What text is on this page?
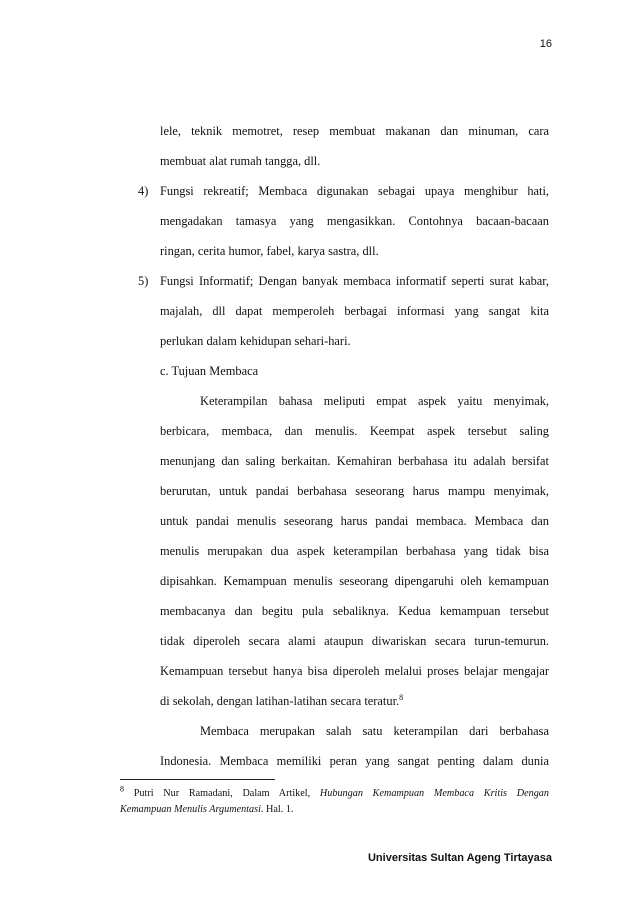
16
lele, teknik memotret, resep membuat makanan dan minuman, cara
membuat alat rumah tangga, dll.
4) Fungsi rekreatif; Membaca digunakan sebagai upaya menghibur hati,
mengadakan tamasya yang mengasikkan. Contohnya bacaan-bacaan
ringan, cerita humor, fabel, karya sastra, dll.
5) Fungsi Informatif; Dengan banyak membaca informatif seperti surat kabar,
majalah, dll dapat memperoleh berbagai informasi yang sangat kita
perlukan dalam kehidupan sehari-hari.
c. Tujuan Membaca
Keterampilan bahasa meliputi empat aspek yaitu menyimak,
berbicara, membaca, dan menulis. Keempat aspek tersebut saling
menunjang dan saling berkaitan. Kemahiran berbahasa itu adalah bersifat
berurutan, untuk pandai berbahasa seseorang harus mampu menyimak,
untuk pandai menulis seseorang harus pandai membaca. Membaca dan
menulis merupakan dua aspek keterampilan berbahasa yang tidak bisa
dipisahkan. Kemampuan menulis seseorang dipengaruhi oleh kemampuan
membacanya dan begitu pula sebaliknya. Kedua kemampuan tersebut
tidak diperoleh secara alami ataupun diwariskan secara turun-temurun.
Kemampuan tersebut hanya bisa diperoleh melalui proses belajar mengajar
di sekolah, dengan latihan-latihan secara teratur.$^8$
Membaca merupakan salah satu keterampilan dari berbahasa
Indonesia. Membaca memiliki peran yang sangat penting dalam dunia
$^8$ Putri Nur Ramadani, Dalam Artikel, Hubungan Kemampuan Membaca Kritis Dengan
Kemampuan Menulis Argumentasi. Hal. 1.
Universitas Sultan Ageng Tirtayasa
